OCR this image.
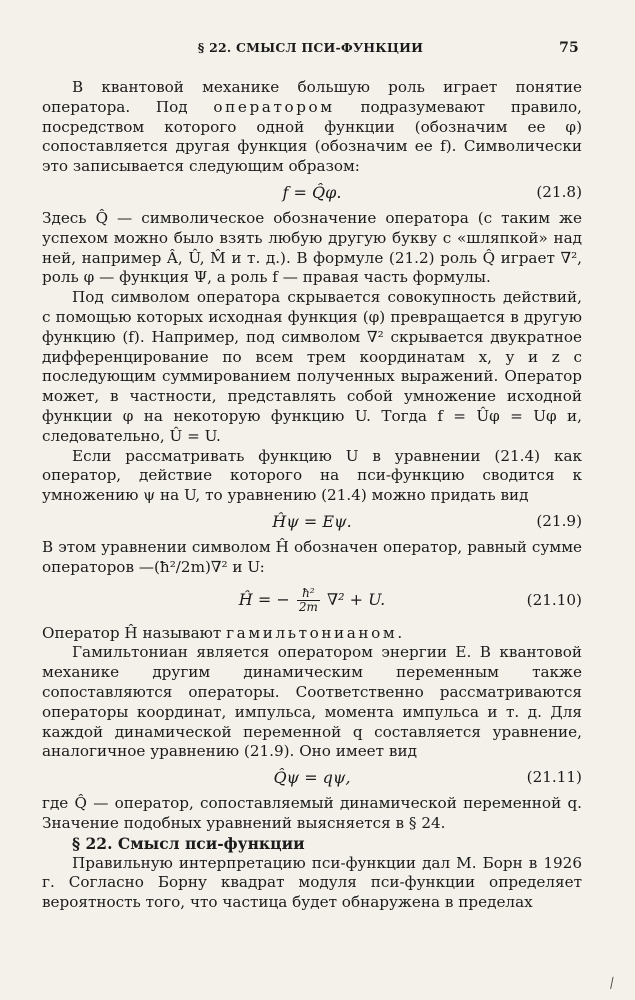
§ 22. СМЫСЛ ПСИ-ФУНКЦИИ	75

В квантовой механике большую роль играет понятие оператора. Под оператором подразумевают правило, посредством которого одной функции (обозначим ее φ) сопоставляется другая функция (обозначим ее f). Символически это записывается следующим образом:

f = Q̂φ.	(21.8)

Здесь Q̂ — символическое обозначение оператора (с таким же успехом можно было взять любую другую букву с «шляпкой» над ней, например Â, Û, M̂ и т. д.). В формуле (21.2) роль Q̂ играет ∇², роль φ — функция Ψ, а роль f — правая часть формулы.

Под символом оператора скрывается совокупность действий, с помощью которых исходная функция (φ) превращается в другую функцию (f). Например, под символом ∇² скрывается двукратное дифференцирование по всем трем координатам x, y и z с последующим суммированием полученных выражений. Оператор может, в частности, представлять собой умножение исходной функции φ на некоторую функцию U. Тогда f = Ûφ = Uφ и, следовательно, Û = U.

Если рассматривать функцию U в уравнении (21.4) как оператор, действие которого на пси-функцию сводится к умножению ψ на U, то уравнению (21.4) можно придать вид

Ĥψ = Eψ.	(21.9)

В этом уравнении символом Ĥ обозначен оператор, равный сумме операторов —(ħ²/2m)∇² и U:

Ĥ = − $\frac{\text{ħ²}}{2m} \nabla^2 + U$.	(21.10)

Оператор Ĥ называют гамильтонианом.

Гамильтониан является оператором энергии E. В квантовой механике другим динамическим переменным также сопоставляются операторы. Соответственно рассматриваются операторы координат, импульса, момента импульса и т. д. Для каждой динамической переменной q составляется уравнение, аналогичное уравнению (21.9). Оно имеет вид

Q̂ψ = qψ,	(21.11)

где Q̂ — оператор, сопоставляемый динамической переменной q. Значение подобных уравнений выясняется в § 24.

§ 22. Смысл пси-функции

Правильную интерпретацию пси-функции дал М. Борн в 1926 г. Согласно Борну квадрат модуля пси-функции определяет вероятность того, что частица будет обнаружена в пределах

⁄
